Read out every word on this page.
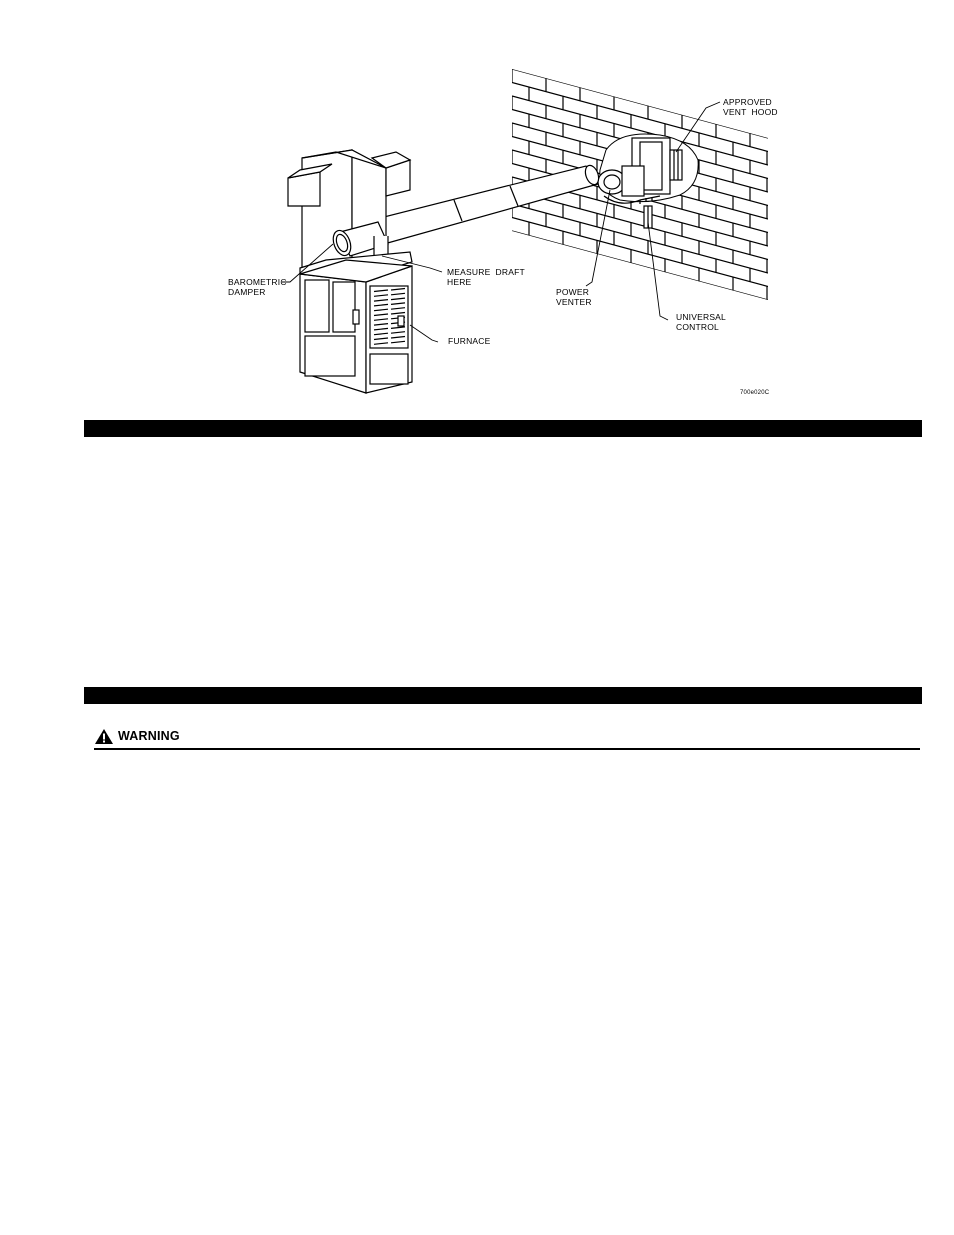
APPROVED
VENT  HOOD
BAROMETRIC
DAMPER
MEASURE  DRAFT
HERE
POWER
VENTER
UNIVERSAL
CONTROL
FURNACE
700e020C
WARNING
